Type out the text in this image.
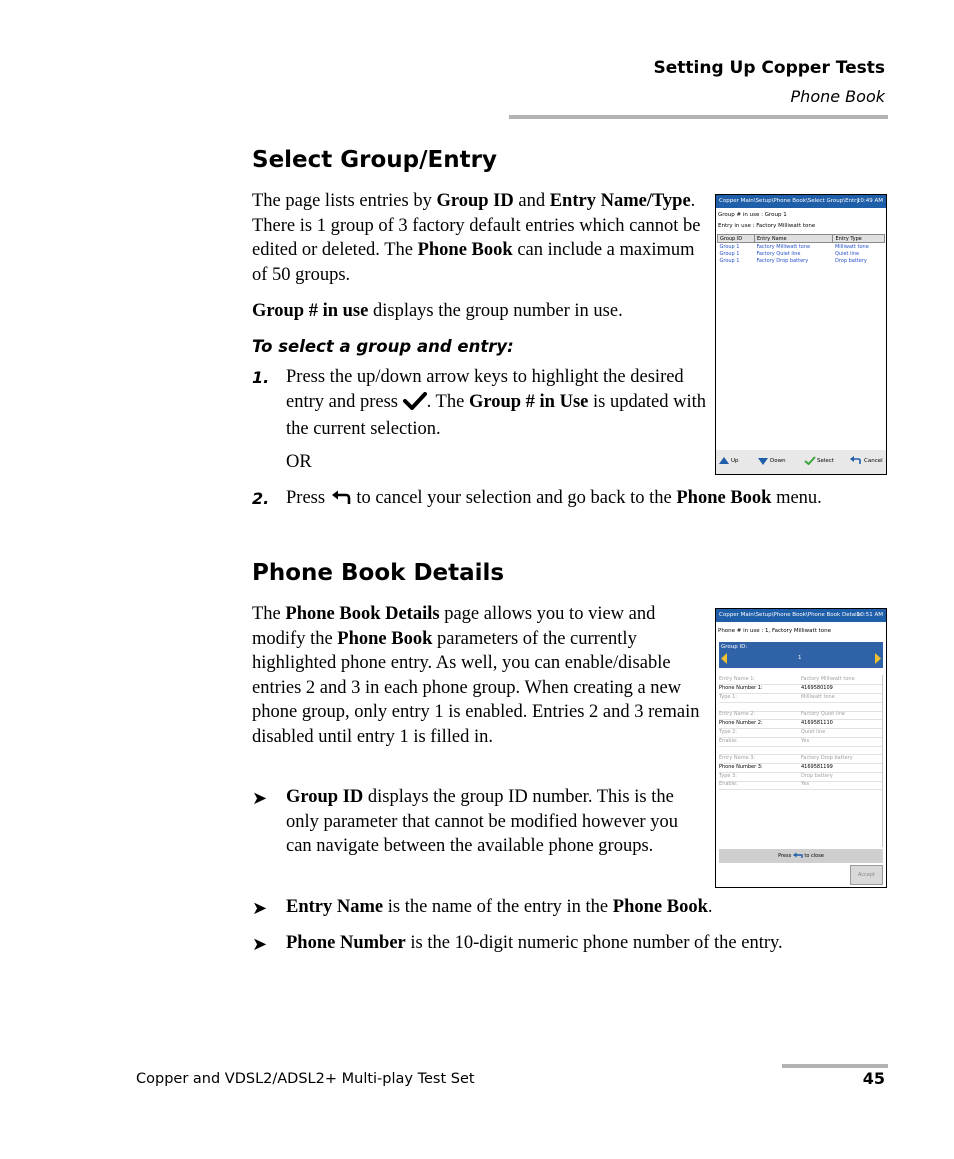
Setting Up Copper Tests
Phone Book
Select Group/Entry

The page lists entries by Group ID and Entry Name/Type. There is 1 group of 3 factory default entries which cannot be edited or deleted. The Phone Book can include a maximum of 50 groups.

Group # in use displays the group number in use.

To select a group and entry:
1. Press the up/down arrow keys to highlight the desired entry and press . The Group # in Use is updated with the current selection.

OR

2. Press  to cancel your selection and go back to the Phone Book menu.

Copper Main\Setup\Phone Book\Select Group\Entry
10:49 AM
Group # in use : Group 1
Entry in use : Factory Milliwatt tone
Group ID	Entry Name	Entry Type
Group 1	Factory Milliwatt tone	Milliwatt tone
Group 1	Factory Quiet line	Quiet line
Group 1	Factory Drop battery	Drop battery
Up	Down	Select	Cancel
Phone Book Details

The Phone Book Details page allows you to view and modify the Phone Book parameters of the currently highlighted phone entry. As well, you can enable/disable entries 2 and 3 in each phone group. When creating a new phone group, only entry 1 is enabled. Entries 2 and 3 remain disabled until entry 1 is filled in.

➤ Group ID displays the group ID number. This is the only parameter that cannot be modified however you can navigate between the available phone groups.

➤ Entry Name is the name of the entry in the Phone Book.

➤ Phone Number is the 10-digit numeric phone number of the entry.

Copper Main\Setup\Phone Book\Phone Book Details
10:51 AM
Phone # in use : 1, Factory Milliwatt tone
Group ID:
1
Entry Name 1:	Factory Milliwatt tone
Phone Number 1:	4169580109
Type 1:	Milliwatt tone
Entry Name 2:	Factory Quiet line
Phone Number 2:	4169581110
Type 2:	Quiet line
Enable:	Yes
Entry Name 3:	Factory Drop battery
Phone Number 3:	4169581199
Type 3:	Drop battery
Enable:	Yes
Press	to close
Accept
Copper and VDSL2/ADSL2+ Multi-play Test Set	45
